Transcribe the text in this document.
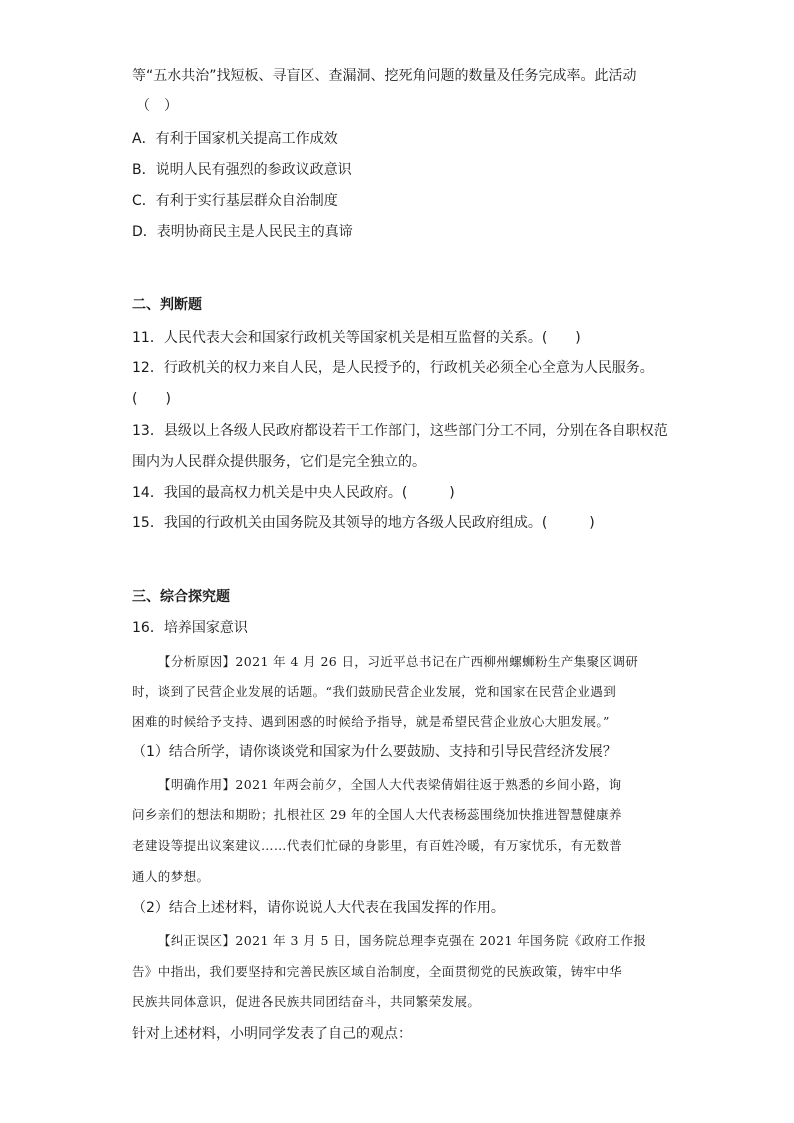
等“五水共治”找短板、寻盲区、查漏洞、挖死角问题的数量及任务完成率。此活动

（　）

A．有利于国家机关提高工作成效

B．说明人民有强烈的参政议政意识

C．有利于实行基层群众自治制度

D．表明协商民主是人民民主的真谛

二、判断题

11．人民代表大会和国家行政机关等国家机关是相互监督的关系。(　　)

12．行政机关的权力来自人民，是人民授予的，行政机关必须全心全意为人民服务。

(　　)

13．县级以上各级人民政府都设若干工作部门，这些部门分工不同，分别在各自职权范

围内为人民群众提供服务，它们是完全独立的。

14．我国的最高权力机关是中央人民政府。(　　　)

15．我国的行政机关由国务院及其领导的地方各级人民政府组成。(　　　)

三、综合探究题

16．培养国家意识

【分析原因】2021 年 4 月 26 日，习近平总书记在广西柳州螺蛳粉生产集聚区调研

时，谈到了民营企业发展的话题。“我们鼓励民营企业发展，党和国家在民营企业遇到

困难的时候给予支持、遇到困惑的时候给予指导，就是希望民营企业放心大胆发展。”

（1）结合所学，请你谈谈党和国家为什么要鼓励、支持和引导民营经济发展？

【明确作用】2021 年两会前夕，全国人大代表梁倩娟往返于熟悉的乡间小路，询

问乡亲们的想法和期盼；扎根社区 29 年的全国人大代表杨蕊围绕加快推进智慧健康养

老建设等提出议案建议……代表们忙碌的身影里，有百姓冷暖，有万家忧乐，有无数普

通人的梦想。

（2）结合上述材料，请你说说人大代表在我国发挥的作用。

【纠正误区】2021 年 3 月 5 日，国务院总理李克强在 2021 年国务院《政府工作报

告》中指出，我们要坚持和完善民族区域自治制度，全面贯彻党的民族政策，铸牢中华

民族共同体意识，促进各民族共同团结奋斗，共同繁荣发展。

针对上述材料，小明同学发表了自己的观点：
